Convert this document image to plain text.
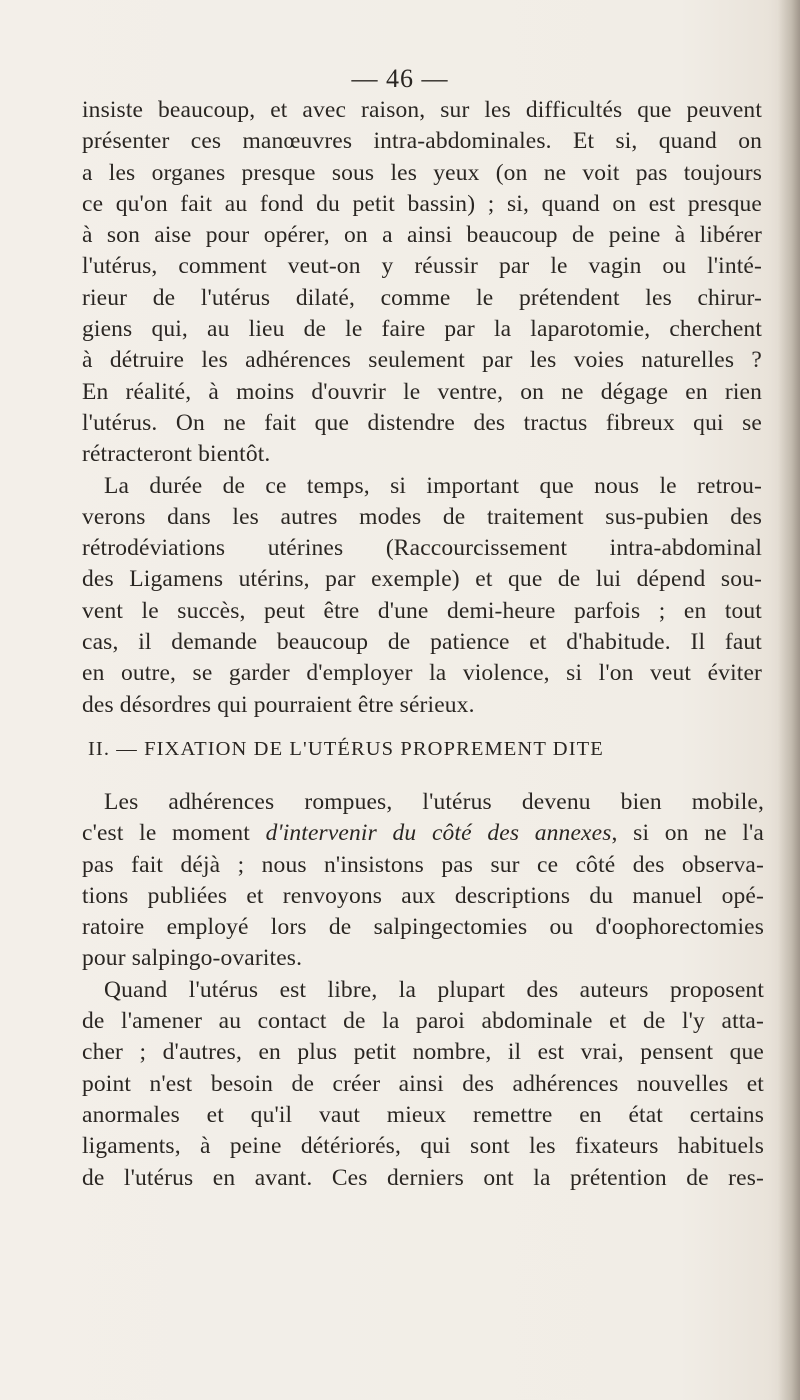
— 46 —
insiste beaucoup, et avec raison, sur les difficultés que peuvent
présenter ces manœuvres intra-abdominales. Et si, quand on
a les organes presque sous les yeux (on ne voit pas toujours
ce qu'on fait au fond du petit bassin) ; si, quand on est presque
à son aise pour opérer, on a ainsi beaucoup de peine à libérer
l'utérus, comment veut-on y réussir par le vagin ou l'inté-
rieur de l'utérus dilaté, comme le prétendent les chirur-
giens qui, au lieu de le faire par la laparotomie, cherchent
à détruire les adhérences seulement par les voies naturelles ?
En réalité, à moins d'ouvrir le ventre, on ne dégage en rien
l'utérus. On ne fait que distendre des tractus fibreux qui se
rétracteront bientôt.
La durée de ce temps, si important que nous le retrou-
verons dans les autres modes de traitement sus-pubien des
rétrodéviations utérines (Raccourcissement intra-abdominal
des Ligamens utérins, par exemple) et que de lui dépend sou-
vent le succès, peut être d'une demi-heure parfois ; en tout
cas, il demande beaucoup de patience et d'habitude. Il faut
en outre, se garder d'employer la violence, si l'on veut éviter
des désordres qui pourraient être sérieux.
II. — FIXATION DE L'UTÉRUS PROPREMENT DITE
Les adhérences rompues, l'utérus devenu bien mobile,
c'est le moment d'intervenir du côté des annexes, si on ne l'a
pas fait déjà ; nous n'insistons pas sur ce côté des observa-
tions publiées et renvoyons aux descriptions du manuel opé-
ratoire employé lors de salpingectomies ou d'oophorectomies
pour salpingo-ovarites.
Quand l'utérus est libre, la plupart des auteurs proposent
de l'amener au contact de la paroi abdominale et de l'y atta-
cher ; d'autres, en plus petit nombre, il est vrai, pensent que
point n'est besoin de créer ainsi des adhérences nouvelles et
anormales et qu'il vaut mieux remettre en état certains
ligaments, à peine détériorés, qui sont les fixateurs habituels
de l'utérus en avant. Ces derniers ont la prétention de res-
